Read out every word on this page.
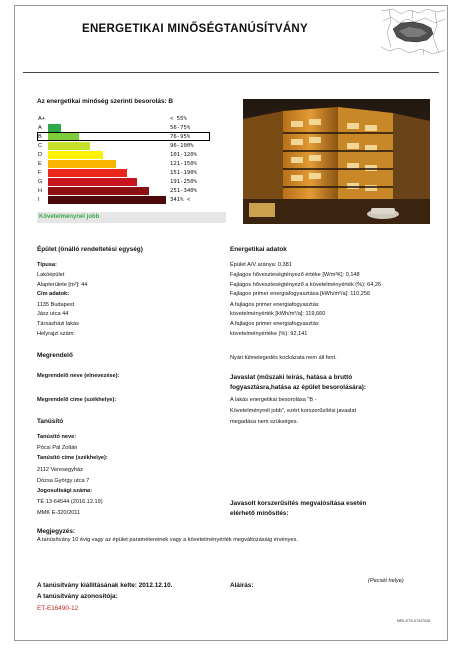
ENERGETIKAI MINŐSÉGTANÚSÍTVÁNY
Az energetikai minőség szerinti besorolás: B
A+	< 55%
A	56-75%
B	76-95%
C	96-100%
D	101-120%
E	121-150%
F	151-190%
G	191-250%
H	251-340%
I	341% <
Követelménynél jobb
Épület (önálló rendeltetési egység)
Típusa:
Lakóépület
Alapterülete [m²]: 44
Cím adatok:
1135 Budapest
Jász utca 44
Társasházi lakás
Helyrajzi szám:
Megrendelő
Megrendelő neve (elnevezése):
Megrendelő címe (székhelye):
Tanúsító
Tanúsító neve:
Pócsi Pál Zoltán
Tanúsító címe (székhelye):
2112 Veresegyház
Dózsa György utca 7
Jogosultsági száma:
TÉ 13-64544 (2016.12.19)
MMK E-320/2011
Energetikai adatok
Épület A/V aránya: 0,381
Fajlagos hőveszteségtényező értéke [W/m²K]: 0,148
Fajlagos hőveszteségtényező a követelményérték (%): 64,26
Fajlagos primer energiafogyasztása [kWh/m²/a]: 110,256
A fajlagos primer energiafogyasztás
követelményérték [kWh/m²/a]: 119,660
A fajlagos primer energiafogyasztás
követelményértéke (%): 92,141
Nyári túlmelegedés kockázata nem áll fent.
Javaslat (műszaki leírás, hatása a bruttó
fogyasztásra,hatása az épület besorolására):
A lakás energetikai besorolása "B -
Követelménynél jobb", ezért korszerűsítési javaslat
megadása nem szükséges.
Javasolt korszerűsítés megvalósítása esetén
elérhető minősítés:
Megjegyzés:
A tanúsítvány 10 évig vagy az épület paramétereinek vagy a követelményérték megváltozásáig érvényes.
A tanúsítvány kiállításának kelte: 2012.12.10.	Aláírás:
(Pecsét helye)
A tanúsítvány azonosítója:
ET-E16490-12
MÉK-ETK-07247028
